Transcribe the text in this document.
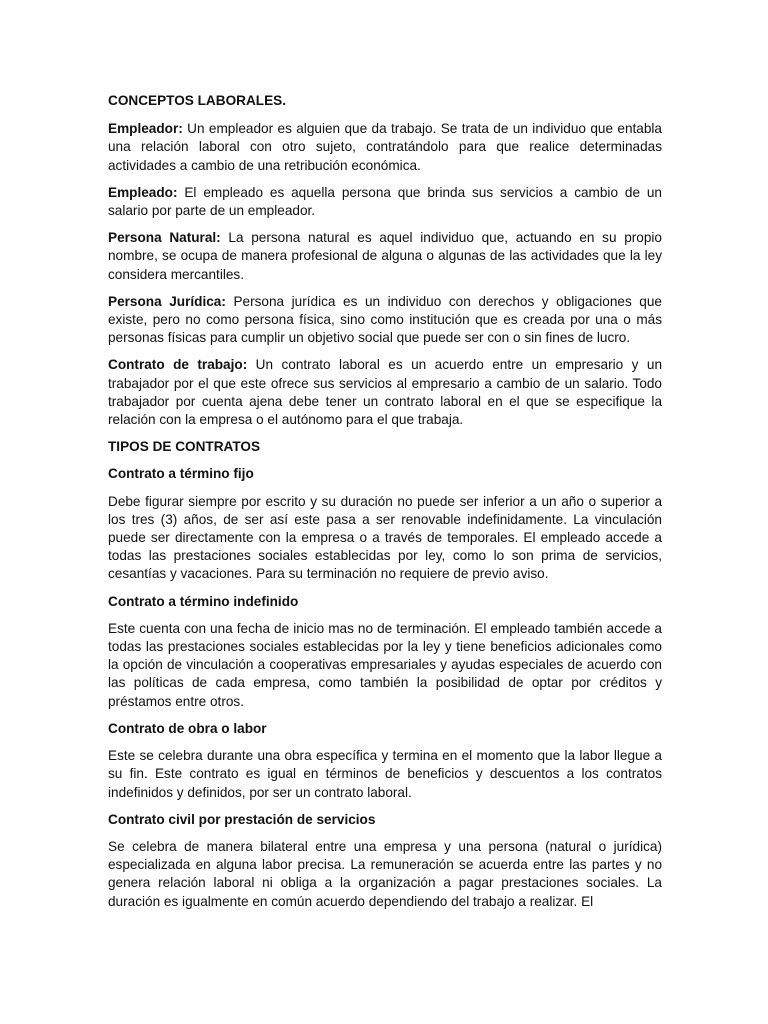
CONCEPTOS LABORALES.
Empleador: Un empleador es alguien que da trabajo. Se trata de un individuo que entabla una relación laboral con otro sujeto, contratándolo para que realice determinadas actividades a cambio de una retribución económica.
Empleado: El empleado es aquella persona que brinda sus servicios a cambio de un salario por parte de un empleador.
Persona Natural: La persona natural es aquel individuo que, actuando en su propio nombre, se ocupa de manera profesional de alguna o algunas de las actividades que la ley considera mercantiles.
Persona Jurídica: Persona jurídica es un individuo con derechos y obligaciones que existe, pero no como persona física, sino como institución que es creada por una o más personas físicas para cumplir un objetivo social que puede ser con o sin fines de lucro.
Contrato de trabajo: Un contrato laboral es un acuerdo entre un empresario y un trabajador por el que este ofrece sus servicios al empresario a cambio de un salario. Todo trabajador por cuenta ajena debe tener un contrato laboral en el que se especifique la relación con la empresa o el autónomo para el que trabaja.
TIPOS DE CONTRATOS
Contrato a término fijo
Debe figurar siempre por escrito y su duración no puede ser inferior a un año o superior a los tres (3) años, de ser así este pasa a ser renovable indefinidamente. La vinculación puede ser directamente con la empresa o a través de temporales. El empleado accede a todas las prestaciones sociales establecidas por ley, como lo son prima de servicios, cesantías y vacaciones. Para su terminación no requiere de previo aviso.
Contrato a término indefinido
Este cuenta con una fecha de inicio mas no de terminación. El empleado también accede a todas las prestaciones sociales establecidas por la ley y tiene beneficios adicionales como la opción de vinculación a cooperativas empresariales y ayudas especiales de acuerdo con las políticas de cada empresa, como también la posibilidad de optar por créditos y préstamos entre otros.
Contrato de obra o labor
Este se celebra durante una obra específica y termina en el momento que la labor llegue a su fin. Este contrato es igual en términos de beneficios y descuentos a los contratos indefinidos y definidos, por ser un contrato laboral.
Contrato civil por prestación de servicios
Se celebra de manera bilateral entre una empresa y una persona (natural o jurídica) especializada en alguna labor precisa. La remuneración se acuerda entre las partes y no genera relación laboral ni obliga a la organización a pagar prestaciones sociales. La duración es igualmente en común acuerdo dependiendo del trabajo a realizar. El
